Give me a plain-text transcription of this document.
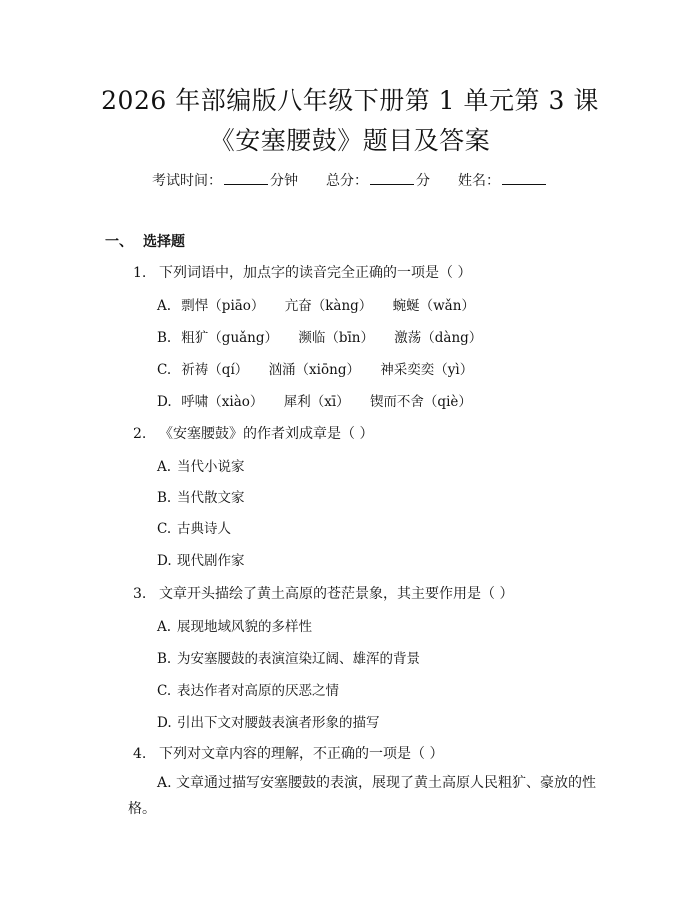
2026 年部编版八年级下册第 1 单元第 3 课
《安塞腰鼓》题目及答案
考试时间：	分钟 总分：	分 姓名：
一、 选择题
1. 下列词语中，加点字的读音完全正确的一项是（ ）
A. 剽悍（piāo） 亢奋（kàng） 蜿蜒（wǎn）
B. 粗犷（guǎng） 濒临（bīn） 激荡（dàng）
C. 祈祷（qí） 汹涌（xiōng） 神采奕奕（yì）
D. 呼啸（xiào） 犀利（xī） 锲而不舍（qiè）
2. 《安塞腰鼓》的作者刘成章是（ ）
A. 当代小说家
B. 当代散文家
C. 古典诗人
D. 现代剧作家
3. 文章开头描绘了黄土高原的苍茫景象，其主要作用是（ ）
A. 展现地域风貌的多样性
B. 为安塞腰鼓的表演渲染辽阔、雄浑的背景
C. 表达作者对高原的厌恶之情
D. 引出下文对腰鼓表演者形象的描写
4. 下列对文章内容的理解，不正确的一项是（ ）
A. 文章通过描写安塞腰鼓的表演，展现了黄土高原人民粗犷、豪放的性格。
